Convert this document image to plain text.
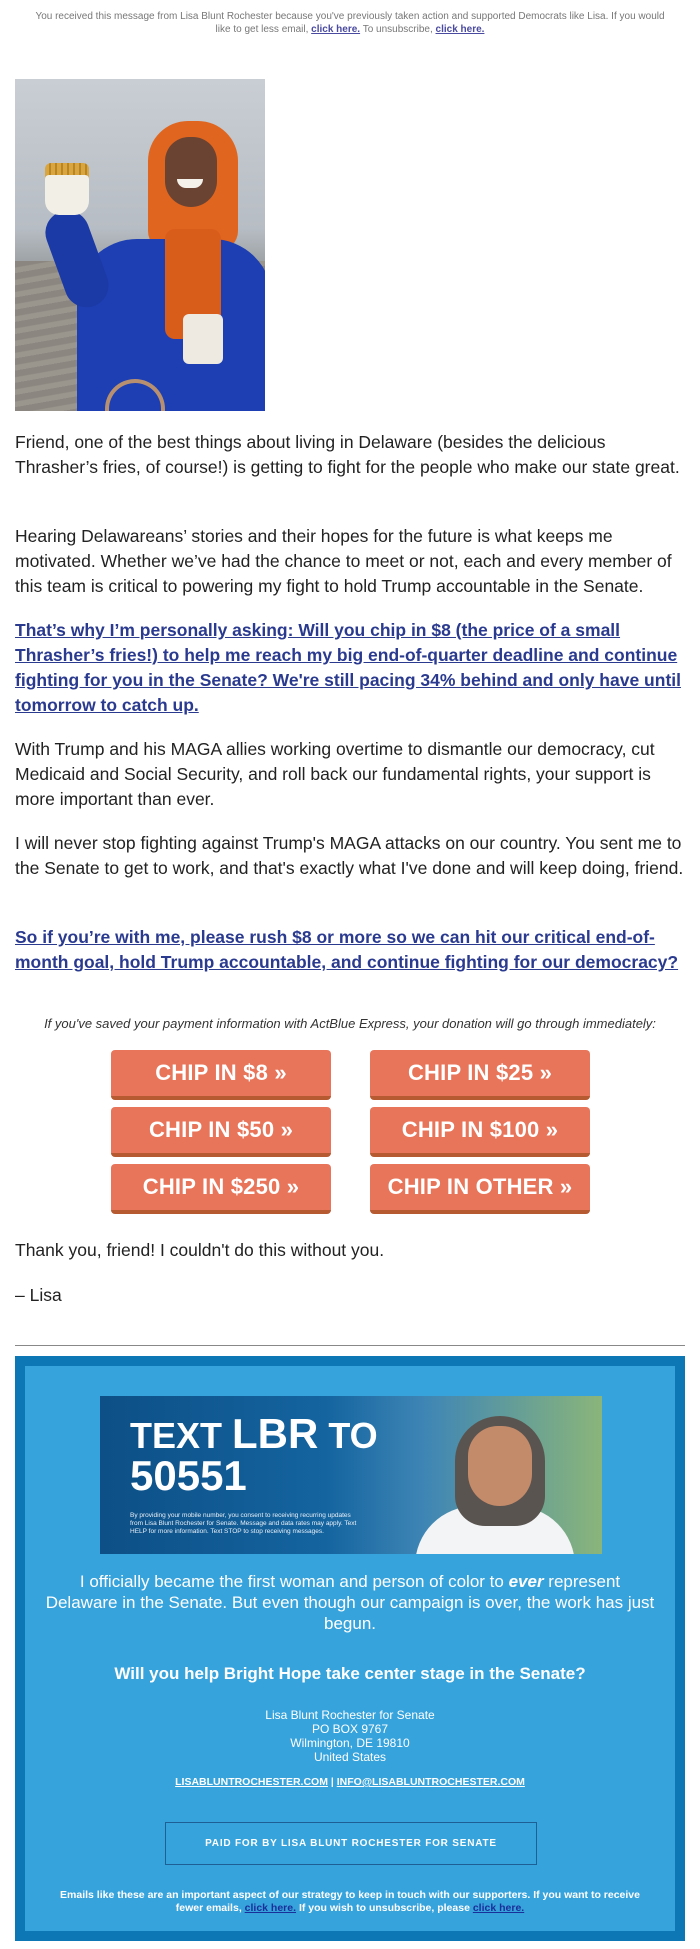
You received this message from Lisa Blunt Rochester because you've previously taken action and supported Democrats like Lisa. If you would like to get less email, click here. To unsubscribe, click here.

Friend, one of the best things about living in Delaware (besides the delicious Thrasher’s fries, of course!) is getting to fight for the people who make our state great.

Hearing Delawareans’ stories and their hopes for the future is what keeps me motivated. Whether we’ve had the chance to meet or not, each and every member of this team is critical to powering my fight to hold Trump accountable in the Senate.

That’s why I’m personally asking: Will you chip in $8 (the price of a small Thrasher’s fries!) to help me reach my big end-of-quarter deadline and continue fighting for you in the Senate? We're still pacing 34% behind and only have until tomorrow to catch up.

With Trump and his MAGA allies working overtime to dismantle our democracy, cut Medicaid and Social Security, and roll back our fundamental rights, your support is more important than ever.

I will never stop fighting against Trump's MAGA attacks on our country. You sent me to the Senate to get to work, and that's exactly what I've done and will keep doing, friend.

So if you’re with me, please rush $8 or more so we can hit our critical end-of-month goal, hold Trump accountable, and continue fighting for our democracy?

If you've saved your payment information with ActBlue Express, your donation will go through immediately:

CHIP IN $8 »	CHIP IN $25 »
CHIP IN $50 »	CHIP IN $100 »
CHIP IN $250 »	CHIP IN OTHER »

Thank you, friend! I couldn't do this without you.

– Lisa

TEXT LBR TO
50551
By providing your mobile number, you consent to receiving recurring updates from Lisa Blunt Rochester for Senate. Message and data rates may apply. Text HELP for more information. Text STOP to stop receiving messages.
I officially became the first woman and person of color to ever represent Delaware in the Senate. But even though our campaign is over, the work has just begun.
Will you help Bright Hope take center stage in the Senate?
Lisa Blunt Rochester for Senate
PO BOX 9767
Wilmington, DE 19810
United States
LISABLUNTROCHESTER.COM | INFO@LISABLUNTROCHESTER.COM
PAID FOR BY LISA BLUNT ROCHESTER FOR SENATE
Emails like these are an important aspect of our strategy to keep in touch with our supporters. If you want to receive fewer emails, click here. If you wish to unsubscribe, please click here.
